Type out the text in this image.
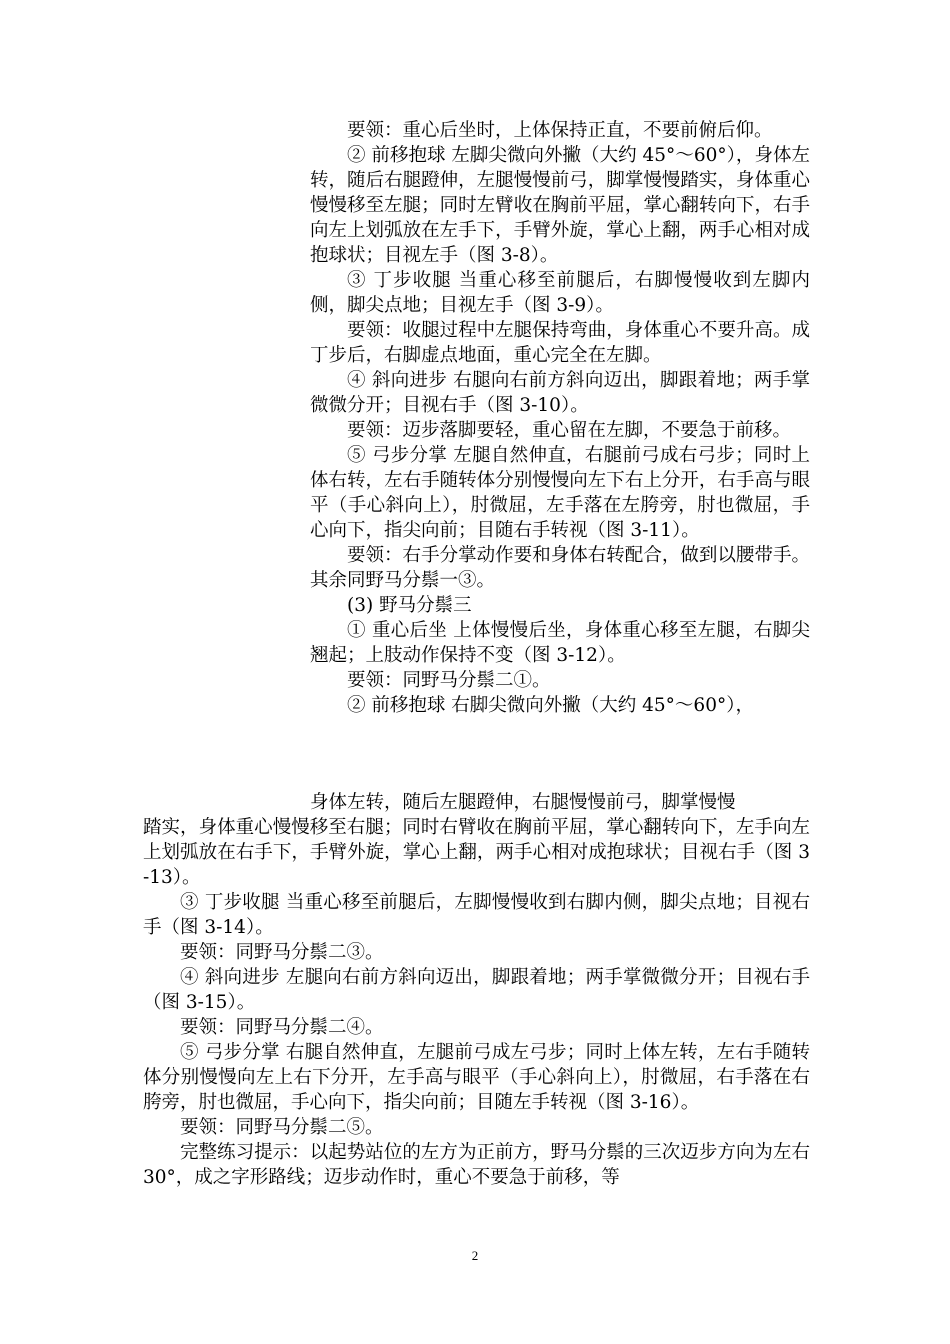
要领：重心后坐时，上体保持正直，不要前俯后仰。

② 前移抱球 左脚尖微向外撇（大约 45°～60°），身体左转，随后右腿蹬伸，左腿慢慢前弓，脚掌慢慢踏实，身体重心慢慢移至左腿；同时左臂收在胸前平屈，掌心翻转向下，右手向左上划弧放在左手下，手臂外旋，掌心上翻，两手心相对成抱球状；目视左手（图 3-8）。

③ 丁步收腿 当重心移至前腿后，右脚慢慢收到左脚内侧，脚尖点地；目视左手（图 3-9）。

要领：收腿过程中左腿保持弯曲，身体重心不要升高。成丁步后，右脚虚点地面，重心完全在左脚。

④ 斜向进步 右腿向右前方斜向迈出，脚跟着地；两手掌微微分开；目视右手（图 3-10）。

要领：迈步落脚要轻，重心留在左脚，不要急于前移。

⑤ 弓步分掌 左腿自然伸直，右腿前弓成右弓步；同时上体右转，左右手随转体分别慢慢向左下右上分开，右手高与眼平（手心斜向上），肘微屈，左手落在左胯旁，肘也微屈，手心向下，指尖向前；目随右手转视（图 3-11）。

要领：右手分掌动作要和身体右转配合，做到以腰带手。其余同野马分鬃一③。

(3) 野马分鬃三

① 重心后坐 上体慢慢后坐，身体重心移至左腿，右脚尖翘起；上肢动作保持不变（图 3-12）。

要领：同野马分鬃二①。

② 前移抱球 右脚尖微向外撇（大约 45°～60°），

身体左转，随后左腿蹬伸，右腿慢慢前弓，脚掌慢慢

踏实，身体重心慢慢移至右腿；同时右臂收在胸前平屈，掌心翻转向下，左手向左上划弧放在右手下，手臂外旋，掌心上翻，两手心相对成抱球状；目视右手（图 3-13）。

③ 丁步收腿 当重心移至前腿后，左脚慢慢收到右脚内侧，脚尖点地；目视右手（图 3-14）。

要领：同野马分鬃二③。

④ 斜向进步 左腿向右前方斜向迈出，脚跟着地；两手掌微微分开；目视右手（图 3-15）。

要领：同野马分鬃二④。

⑤ 弓步分掌 右腿自然伸直，左腿前弓成左弓步；同时上体左转，左右手随转体分别慢慢向左上右下分开，左手高与眼平（手心斜向上），肘微屈，右手落在右胯旁，肘也微屈，手心向下，指尖向前；目随左手转视（图 3-16）。

要领：同野马分鬃二⑤。

完整练习提示：以起势站位的左方为正前方，野马分鬃的三次迈步方向为左右 30°，成之字形路线；迈步动作时，重心不要急于前移，等

2
